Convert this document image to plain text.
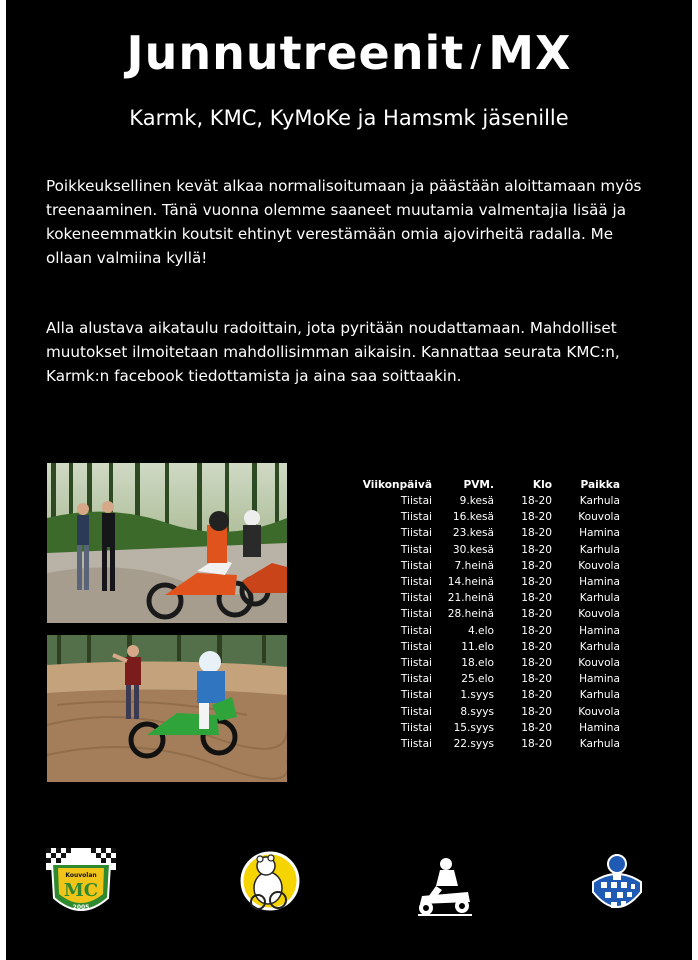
Junnutreenit / MX
Karmk, KMC, KyMoKe ja Hamsmk jäsenille

Poikkeuksellinen kevät alkaa normalisoitumaan ja päästään aloittamaan myös treenaaminen. Tänä vuonna olemme saaneet muutamia valmentajia lisää ja kokeneemmatkin koutsit ehtinyt verestämään omia ajovirheitä radalla. Me ollaan valmiina kyllä!

Alla alustava aikataulu radoittain, jota pyritään noudattamaan. Mahdolliset muutokset ilmoitetaan mahdollisimman aikaisin. Kannattaa seurata KMC:n, Karmk:n facebook tiedottamista ja aina saa soittaakin.

Viikonpäivä	PVM.	Klo	Paikka
Tiistai	9.kesä	18-20	Karhula
Tiistai	16.kesä	18-20	Kouvola
Tiistai	23.kesä	18-20	Hamina
Tiistai	30.kesä	18-20	Karhula
Tiistai	7.heinä	18-20	Kouvola
Tiistai	14.heinä	18-20	Hamina
Tiistai	21.heinä	18-20	Karhula
Tiistai	28.heinä	18-20	Kouvola
Tiistai	4.elo	18-20	Hamina
Tiistai	11.elo	18-20	Karhula
Tiistai	18.elo	18-20	Kouvola
Tiistai	25.elo	18-20	Hamina
Tiistai	1.syys	18-20	Karhula
Tiistai	8.syys	18-20	Kouvola
Tiistai	15.syys	18-20	Hamina
Tiistai	22.syys	18-20	Karhula
Kouvolan
MC
2005
